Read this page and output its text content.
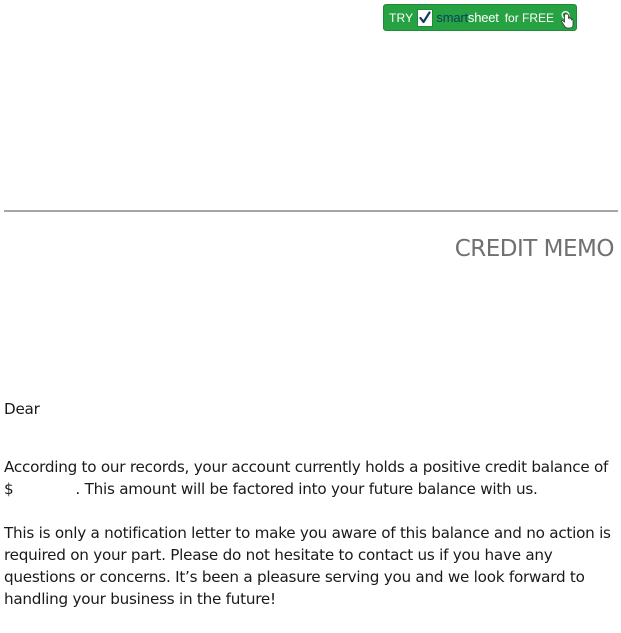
TRY smartsheet for FREE
CREDIT MEMO

Dear

According to our records, your account currently holds a positive credit balance of $	. This amount will be factored into your future balance with us.

This is only a notification letter to make you aware of this balance and no action is required on your part. Please do not hesitate to contact us if you have any questions or concerns. It’s been a pleasure serving you and we look forward to handling your business in the future!
